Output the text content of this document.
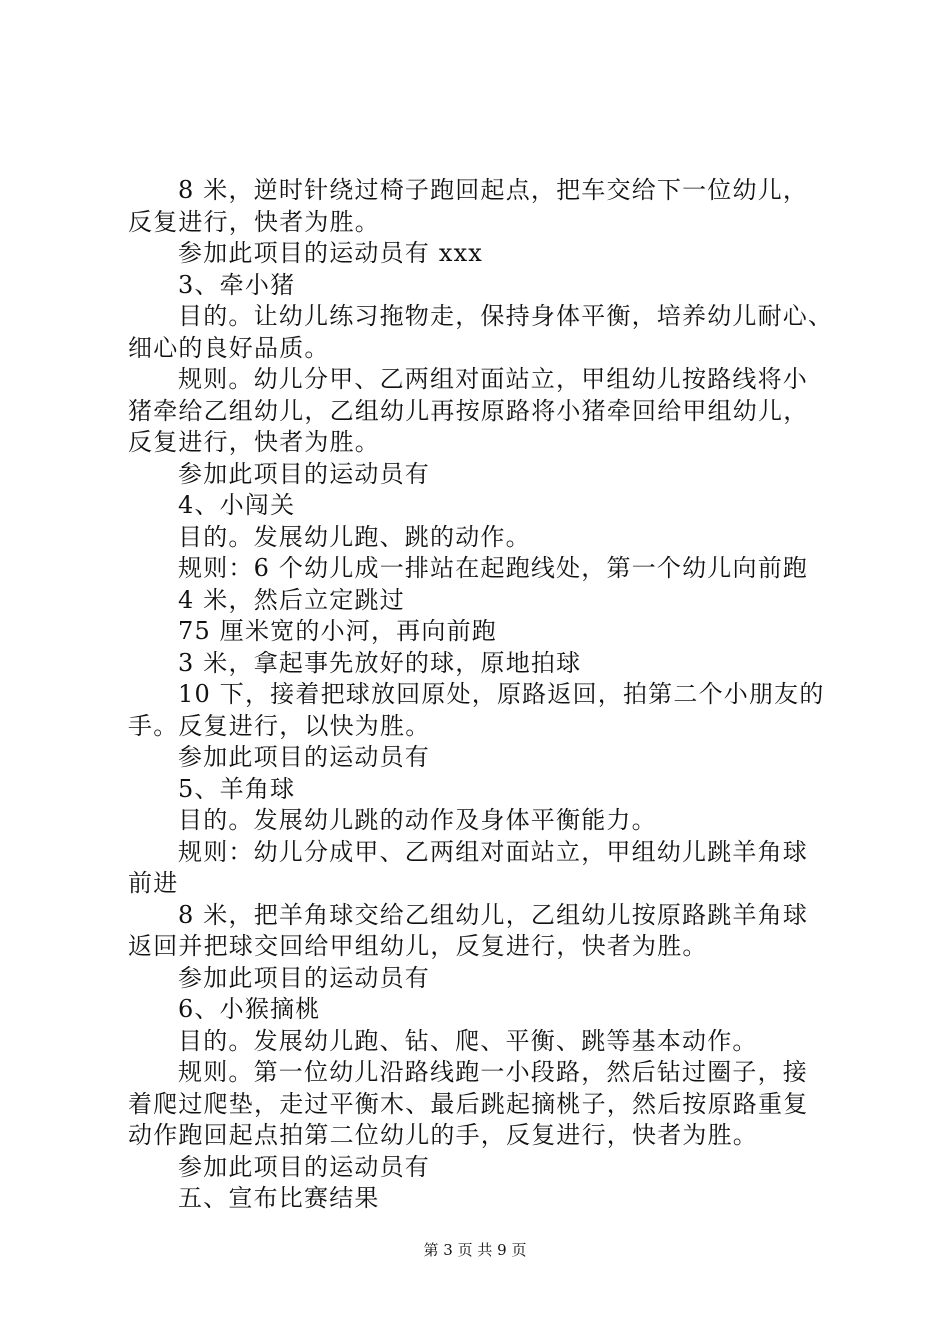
8 米，逆时针绕过椅子跑回起点，把车交给下一位幼儿，

反复进行，快者为胜。

参加此项目的运动员有 xxx

3、牵小猪

目的。让幼儿练习拖物走，保持身体平衡，培养幼儿耐心、

细心的良好品质。

规则。幼儿分甲、乙两组对面站立，甲组幼儿按路线将小

猪牵给乙组幼儿，乙组幼儿再按原路将小猪牵回给甲组幼儿，

反复进行，快者为胜。

参加此项目的运动员有

4、小闯关

目的。发展幼儿跑、跳的动作。

规则：6 个幼儿成一排站在起跑线处，第一个幼儿向前跑

4 米，然后立定跳过

75 厘米宽的小河，再向前跑

3 米，拿起事先放好的球，原地拍球

10 下，接着把球放回原处，原路返回，拍第二个小朋友的

手。反复进行，以快为胜。

参加此项目的运动员有

5、羊角球

目的。发展幼儿跳的动作及身体平衡能力。

规则：幼儿分成甲、乙两组对面站立，甲组幼儿跳羊角球

前进

8 米，把羊角球交给乙组幼儿，乙组幼儿按原路跳羊角球

返回并把球交回给甲组幼儿，反复进行，快者为胜。

参加此项目的运动员有

6、小猴摘桃

目的。发展幼儿跑、钻、爬、平衡、跳等基本动作。

规则。第一位幼儿沿路线跑一小段路，然后钻过圈子，接

着爬过爬垫，走过平衡木、最后跳起摘桃子，然后按原路重复

动作跑回起点拍第二位幼儿的手，反复进行，快者为胜。

参加此项目的运动员有

五、宣布比赛结果

第 3 页 共 9 页
